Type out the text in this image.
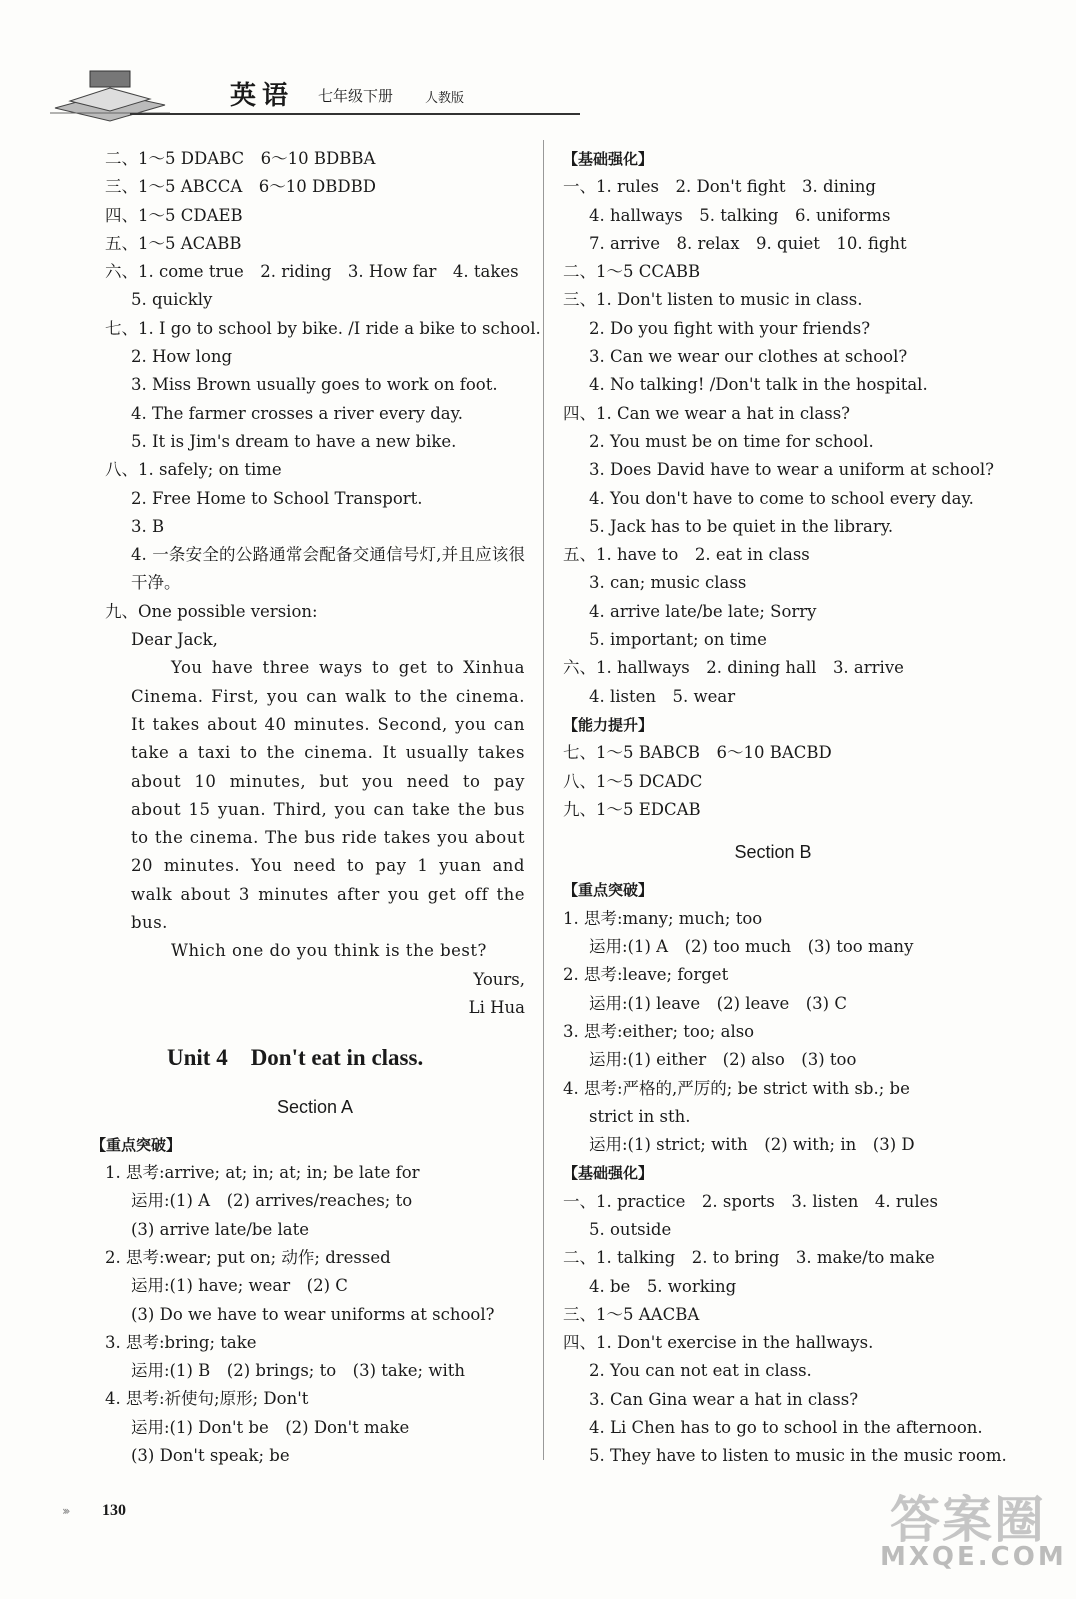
英语 七年级下册 人教版
二、1～5 DDABC　6～10 BDBBA
三、1～5 ABCCA　6～10 DBDBD
四、1～5 CDAEB
五、1～5 ACABB
六、1. come true　2. riding　3. How far　4. takes
5. quickly
七、1. I go to school by bike. /I ride a bike to school.
2. How long
3. Miss Brown usually goes to work on foot.
4. The farmer crosses a river every day.
5. It is Jim's dream to have a new bike.
八、1. safely; on time
2. Free Home to School Transport.
3. B
4. 一条安全的公路通常会配备交通信号灯,并且应该很干净。
九、One possible version:
Dear Jack,

You have three ways to get to Xinhua Cinema. First, you can walk to the cinema. It takes about 40 minutes. Second, you can take a taxi to the cinema. It usually takes about 10 minutes, but you need to pay about 15 yuan. Third, you can take the bus to the cinema. The bus ride takes you about 20 minutes. You need to pay 1 yuan and walk about 3 minutes after you get off the bus.

Which one do you think is the best?

Yours,
Li Hua
Unit 4　Don't eat in class.
Section A
【重点突破】
1. 思考:arrive; at; in; at; in; be late for
运用:(1) A　(2) arrives/reaches; to
(3) arrive late/be late
2. 思考:wear; put on; 动作; dressed
运用:(1) have; wear　(2) C
(3) Do we have to wear uniforms at school?
3. 思考:bring; take
运用:(1) B　(2) brings; to　(3) take; with
4. 思考:祈使句;原形; Don't
运用:(1) Don't be　(2) Don't make
(3) Don't speak; be
【基础强化】
一、1. rules　2. Don't fight　3. dining
4. hallways　5. talking　6. uniforms
7. arrive　8. relax　9. quiet　10. fight
二、1～5 CCABB
三、1. Don't listen to music in class.
2. Do you fight with your friends?
3. Can we wear our clothes at school?
4. No talking! /Don't talk in the hospital.
四、1. Can we wear a hat in class?
2. You must be on time for school.
3. Does David have to wear a uniform at school?
4. You don't have to come to school every day.
5. Jack has to be quiet in the library.
五、1. have to　2. eat in class
3. can; music class
4. arrive late/be late; Sorry
5. important; on time
六、1. hallways　2. dining hall　3. arrive
4. listen　5. wear
【能力提升】
七、1～5 BABCB　6～10 BACBD
八、1～5 DCADC
九、1～5 EDCAB
Section B
【重点突破】
1. 思考:many; much; too
运用:(1) A　(2) too much　(3) too many
2. 思考:leave; forget
运用:(1) leave　(2) leave　(3) C
3. 思考:either; too; also
运用:(1) either　(2) also　(3) too
4. 思考:严格的,严厉的; be strict with sb.; be
strict in sth.
运用:(1) strict; with　(2) with; in　(3) D
【基础强化】
一、1. practice　2. sports　3. listen　4. rules
5. outside
二、1. talking　2. to bring　3. make/to make
4. be　5. working
三、1～5 AACBA
四、1. Don't exercise in the hallways.
2. You can not eat in class.
3. Can Gina wear a hat in class?
4. Li Chen has to go to school in the afternoon.
5. They have to listen to music in the music room.
››› 130	答案圈
MXQE.COM
